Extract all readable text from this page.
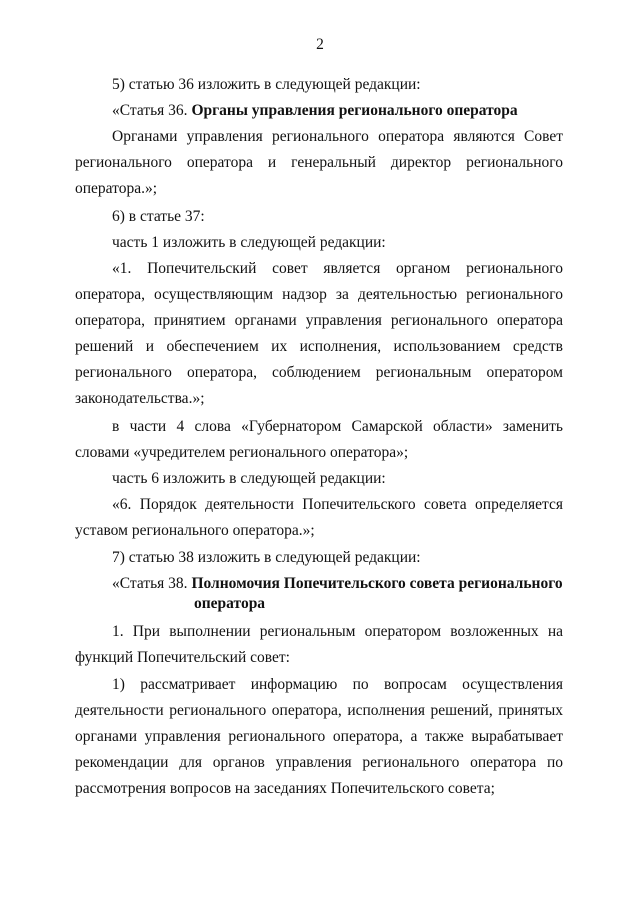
2
5) статью 36 изложить в следующей редакции:
«Статья 36. Органы управления регионального оператора
Органами управления регионального оператора являются Совет
регионального оператора и генеральный директор регионального
оператора.»;
6) в статье 37:
часть 1 изложить в следующей редакции:
«1. Попечительский совет является органом регионального
оператора, осуществляющим надзор за деятельностью регионального
оператора, принятием органами управления регионального оператора
решений и обеспечением их исполнения, использованием средств
регионального оператора, соблюдением региональным оператором
законодательства.»;
в части 4 слова «Губернатором Самарской области» заменить
словами «учредителем регионального оператора»;
часть 6 изложить в следующей редакции:
«6. Порядок деятельности Попечительского совета определяется
уставом регионального оператора.»;
7) статью 38 изложить в следующей редакции:
«Статья 38. Полномочия Попечительского совета регионального
оператора
1. При выполнении региональным оператором возложенных на
функций Попечительский совет:
1) рассматривает информацию по вопросам осуществления
деятельности регионального оператора, исполнения решений, принятых
органами управления регионального оператора, а также вырабатывает
рекомендации для органов управления регионального оператора по
рассмотрения вопросов на заседаниях Попечительского совета;
